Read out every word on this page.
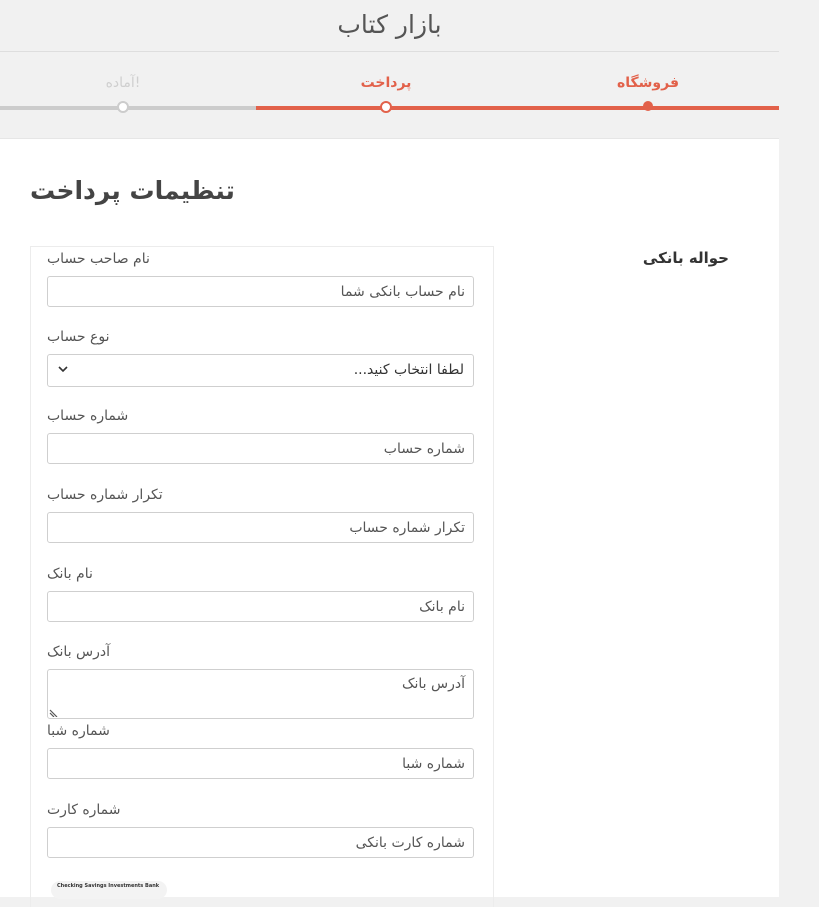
بازار کتاب
فروشگاه
پرداخت
آماده!
تنظیمات پرداخت
حواله بانکی
نام صاحب حساب
نام حساب بانکی شما
نوع حساب
لطفا انتخاب کنید...
شماره حساب
شماره حساب
تکرار شماره حساب
تکرار شماره حساب
نام بانک
نام بانک
آدرس بانک
آدرس بانک
شماره شبا
شماره شبا
شماره کارت
شماره کارت بانکی
Checking Savings Investments Bank
